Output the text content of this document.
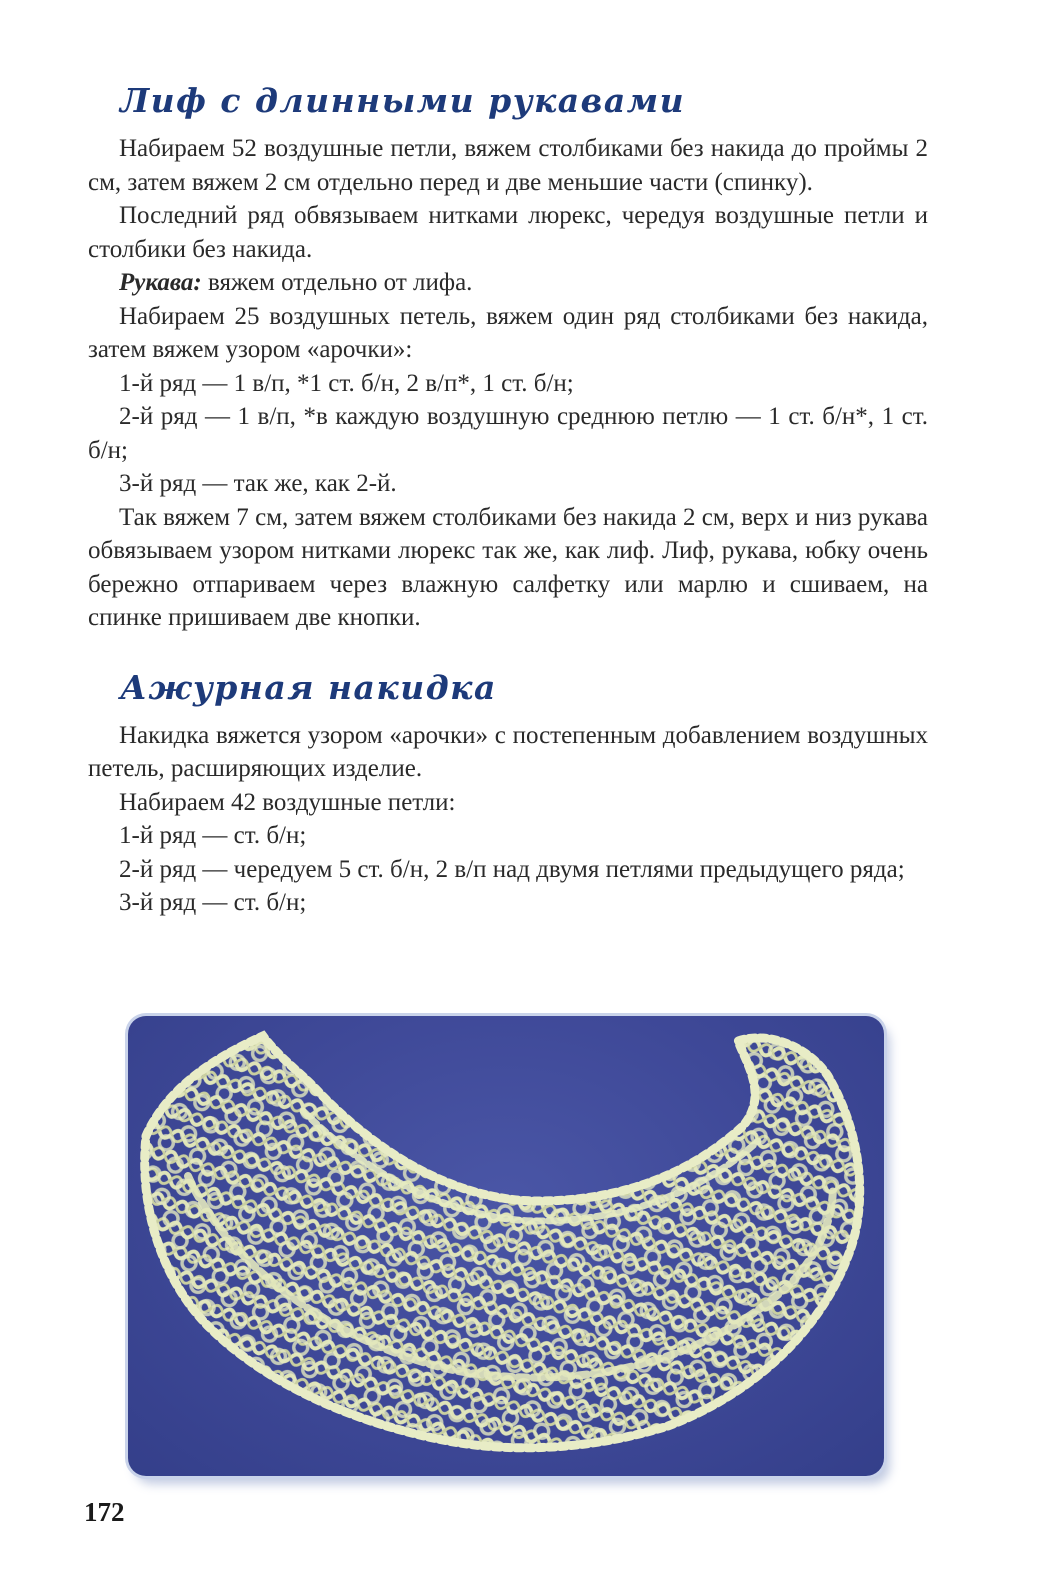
Лиф с длинными рукавами

Набираем 52 воздушные петли, вяжем столбиками без накида до проймы 2 см, затем вяжем 2 см отдельно перед и две меньшие части (спинку).

Последний ряд обвязываем нитками люрекс, чередуя воздушные петли и столбики без накида.

Рукава: вяжем отдельно от лифа.

Набираем 25 воздушных петель, вяжем один ряд столбиками без накида, затем вяжем узором «арочки»:

1-й ряд — 1 в/п, *1 ст. б/н, 2 в/п*, 1 ст. б/н;

2-й ряд — 1 в/п, *в каждую воздушную среднюю петлю — 1 ст. б/н*, 1 ст. б/н;

3-й ряд — так же, как 2-й.

Так вяжем 7 см, затем вяжем столбиками без накида 2 см, верх и низ рукава обвязываем узором нитками люрекс так же, как лиф. Лиф, рукава, юбку очень бережно отпариваем через влажную салфетку или марлю и сшиваем, на спинке пришиваем две кнопки.

Ажурная накидка

Накидка вяжется узором «арочки» с постепенным добавлением воздушных петель, расширяющих изделие.

Набираем 42 воздушные петли:

1-й ряд — ст. б/н;

2-й ряд — чередуем 5 ст. б/н, 2 в/п над двумя петлями предыдущего ряда;

3-й ряд — ст. б/н;

172
